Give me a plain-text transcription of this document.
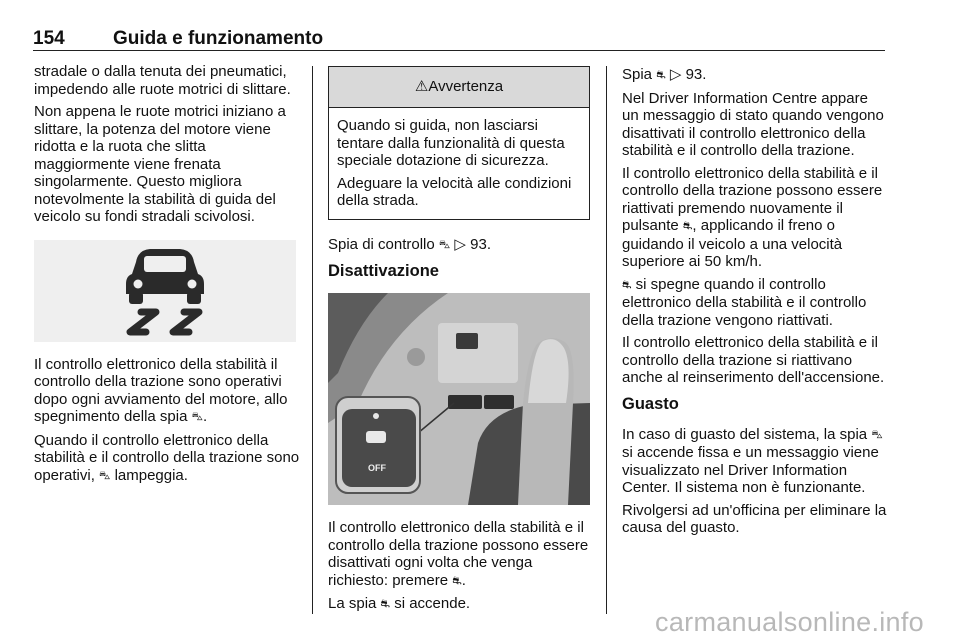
154	Guida e funzionamento

stradale o dalla tenuta dei pneumatici, impedendo alle ruote motrici di slittare.

Non appena le ruote motrici iniziano a slittare, la potenza del motore viene ridotta e la ruota che slitta maggiormente viene frenata singolarmente. Questo migliora notevolmente la stabilità di guida del veicolo su fondi stradali scivolosi.

Il controllo elettronico della stabilità il controllo della trazione sono operativi dopo ogni avviamento del motore, allo spegnimento della spia ⛍.

Quando il controllo elettronico della stabilità e il controllo della trazione sono operativi, ⛍ lampeggia.

⚠Avvertenza

Quando si guida, non lasciarsi tentare dalla funzionalità di questa speciale dotazione di sicurezza.

Adeguare la velocità alle condizioni della strada.

Spia di controllo ⛍ ▷ 93.

Disattivazione
OFF

Il controllo elettronico della stabilità e il controllo della trazione possono essere disattivati ogni volta che venga richiesto: premere ⛐.

La spia ⛐ si accende.

Spia ⛐ ▷ 93.

Nel Driver Information Centre appare un messaggio di stato quando vengono disattivati il controllo elettronico della stabilità e il controllo della trazione.

Il controllo elettronico della stabilità e il controllo della trazione possono essere riattivati premendo nuovamente il pulsante ⛐, applicando il freno o guidando il veicolo a una velocità superiore ai 50 km/h.

⛐ si spegne quando il controllo elettronico della stabilità e il controllo della trazione vengono riattivati.

Il controllo elettronico della stabilità e il controllo della trazione si riattivano anche al reinserimento dell'accensione.

Guasto

In caso di guasto del sistema, la spia ⛍ si accende fissa e un messaggio viene visualizzato nel Driver Information Center. Il sistema non è funzionante.

Rivolgersi ad un'officina per eliminare la causa del guasto.

carmanualsonline.info
